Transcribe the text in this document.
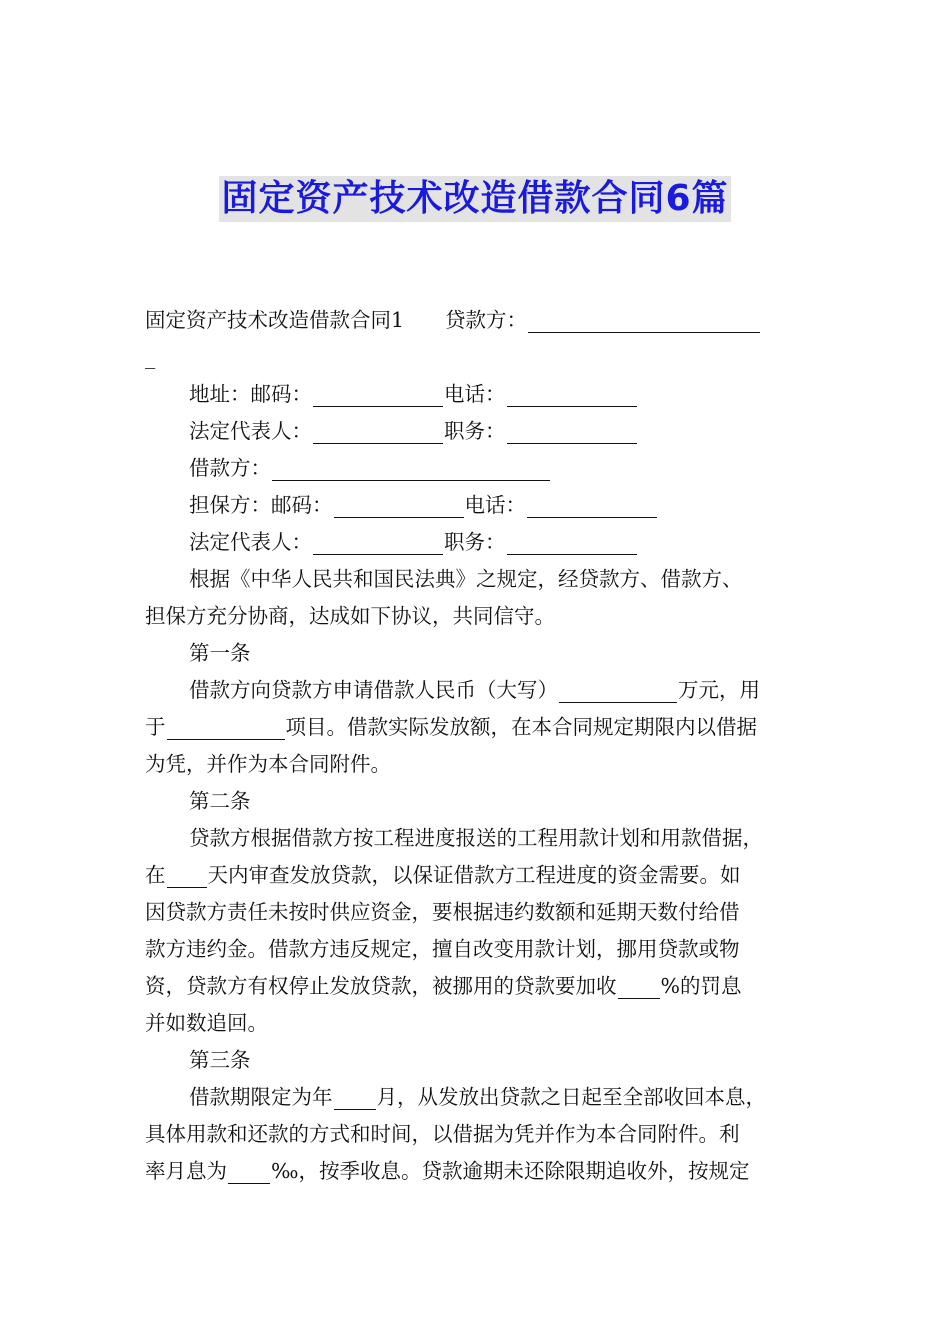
固定资产技术改造借款合同6篇
固定资产技术改造借款合同1　　贷款方：
_
地址：邮码：	电话：
法定代表人：	职务：
借款方：
担保方：邮码：	电话：
法定代表人：	职务：
根据《中华人民共和国民法典》之规定，经贷款方、借款方、
担保方充分协商，达成如下协议，共同信守。
第一条
借款方向贷款方申请借款人民币（大写）	万元，用
于	项目。借款实际发放额，在本合同规定期限内以借据
为凭，并作为本合同附件。
第二条
贷款方根据借款方按工程进度报送的工程用款计划和用款借据，
在 天内审查发放贷款，以保证借款方工程进度的资金需要。如
因贷款方责任未按时供应资金，要根据违约数额和延期天数付给借
款方违约金。借款方违反规定，擅自改变用款计划，挪用贷款或物
资，贷款方有权停止发放贷款，被挪用的贷款要加收 %的罚息
并如数追回。
第三条
借款期限定为年 月，从发放出贷款之日起至全部收回本息，
具体用款和还款的方式和时间，以借据为凭并作为本合同附件。利
率月息为 ‰，按季收息。贷款逾期未还除限期追收外，按规定
